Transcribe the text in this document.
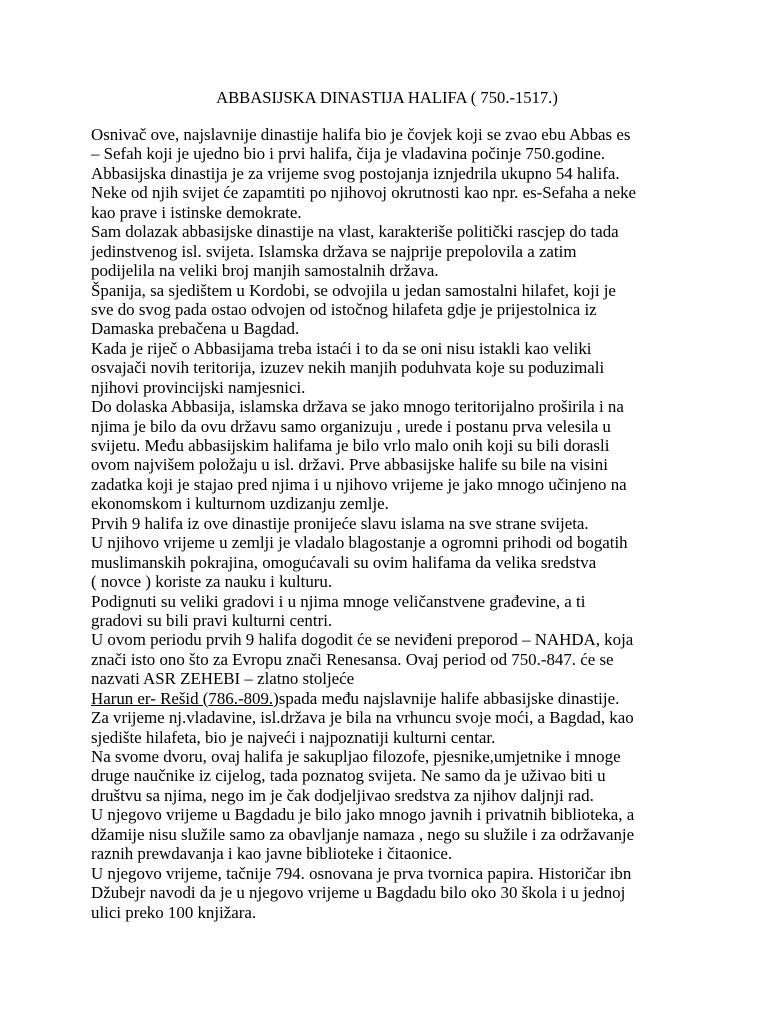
ABBASIJSKA DINASTIJA HALIFA ( 750.-1517.)
Osnivač ove, najslavnije dinastije halifa bio je čovjek koji se zvao ebu Abbas es
– Sefah koji je ujedno bio i prvi halifa, čija je vladavina počinje 750.godine.
Abbasijska dinastija je za vrijeme svog postojanja iznjedrila ukupno 54 halifa.
Neke od njih svijet će zapamtiti po njihovoj okrutnosti kao npr. es-Sefaha a neke
kao prave i istinske demokrate.
Sam dolazak abbasijske dinastije na vlast, karakteriše politički rascjep do tada
jedinstvenog isl. svijeta. Islamska država se najprije prepolovila a zatim
podijelila na veliki broj manjih samostalnih država.
Španija, sa sjedištem u Kordobi, se odvojila u jedan samostalni hilafet, koji je
sve do svog pada ostao odvojen od istočnog hilafeta gdje je prijestolnica iz
Damaska prebačena u Bagdad.
Kada je riječ o Abbasijama treba istaći i to da se oni nisu istakli kao veliki
osvajači novih teritorija, izuzev nekih manjih poduhvata koje su poduzimali
njihovi provincijski namjesnici.
Do dolaska Abbasija, islamska država se jako mnogo teritorijalno proširila i na
njima je bilo da ovu državu samo organizuju , urede i postanu prva velesila u
svijetu. Među abbasijskim halifama je bilo vrlo malo onih koji su bili dorasli
ovom najvišem položaju u isl. državi. Prve abbasijske halife su bile na visini
zadatka koji je stajao pred njima i u njihovo vrijeme je jako mnogo učinjeno na
ekonomskom i kulturnom uzdizanju zemlje.
Prvih 9 halifa iz ove dinastije pronijeće slavu islama na sve strane svijeta.
U njihovo vrijeme u zemlji je vladalo blagostanje a ogromni prihodi od bogatih
muslimanskih pokrajina, omogućavali su ovim halifama da velika sredstva
( novce ) koriste za nauku i kulturu.
Podignuti su veliki gradovi i u njima mnoge veličanstvene građevine, a ti
gradovi su bili pravi kulturni centri.
U ovom periodu prvih 9 halifa dogodit će se neviđeni preporod – NAHDA, koja
znači isto ono što za Evropu znači Renesansa. Ovaj period od 750.-847. će se
nazvati ASR ZEHEBI – zlatno stoljeće
Harun er- Rešid (786.-809.)spada među najslavnije halife abbasijske dinastije.
Za vrijeme nj.vladavine, isl.država je bila na vrhuncu svoje moći, a Bagdad, kao
sjedište hilafeta, bio je najveći i najpoznatiji kulturni centar.
Na svome dvoru, ovaj halifa je sakupljao filozofe, pjesnike,umjetnike i mnoge
druge naučnike iz cijelog, tada poznatog svijeta. Ne samo da je uživao biti u
društvu sa njima, nego im je čak dodjeljivao sredstva za njihov daljnji rad.
U njegovo vrijeme u Bagdadu je bilo jako mnogo javnih i privatnih biblioteka, a
džamije nisu služile samo za obavljanje namaza , nego su služile i za održavanje
raznih prewdavanja i kao javne biblioteke i čitaonice.
U njegovo vrijeme, tačnije 794. osnovana je prva tvornica papira. Historičar ibn
Džubejr navodi da je u njegovo vrijeme u Bagdadu bilo oko 30 škola i u jednoj
ulici preko 100 knjižara.
